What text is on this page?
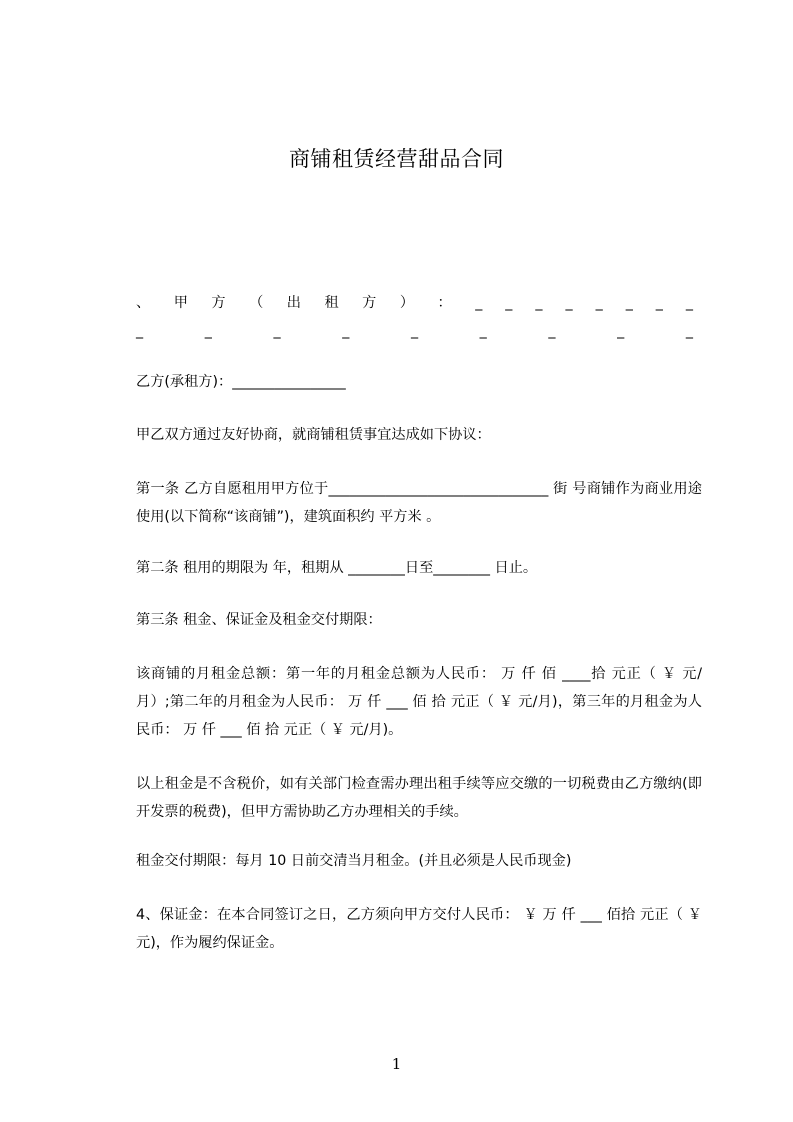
商铺租赁经营甜品合同

、 甲 方 （ 出 租 方 ） ： _ _ _ _ _ _ _ _ _ _ _ _ _ _ _ _ _

乙方(承租方)：________________

甲乙双方通过友好协商，就商铺租赁事宜达成如下协议：

第一条 乙方自愿租用甲方位于_______________________________ 街 号商铺作为商业用途使用(以下简称“该商铺”)，建筑面积约 平方米 。

第二条 租用的期限为 年，租期从 ________日至________ 日止。

第三条 租金、保证金及租金交付期限：

该商铺的月租金总额：第一年的月租金总额为人民币： 万 仟 佰 ____拾 元正（ ￥ 元/月）;第二年的月租金为人民币： 万 仟 ___ 佰 拾 元正（ ￥ 元/月)，第三年的月租金为人民币： 万 仟 ___ 佰 拾 元正（ ￥ 元/月)。

以上租金是不含税价，如有关部门检查需办理出租手续等应交缴的一切税费由乙方缴纳(即开发票的税费)，但甲方需协助乙方办理相关的手续。

租金交付期限：每月 10 日前交清当月租金。(并且必须是人民币现金)

4、保证金：在本合同签订之日，乙方须向甲方交付人民币： ￥ 万 仟 ___ 佰拾 元正（ ￥ 元)，作为履约保证金。

1
